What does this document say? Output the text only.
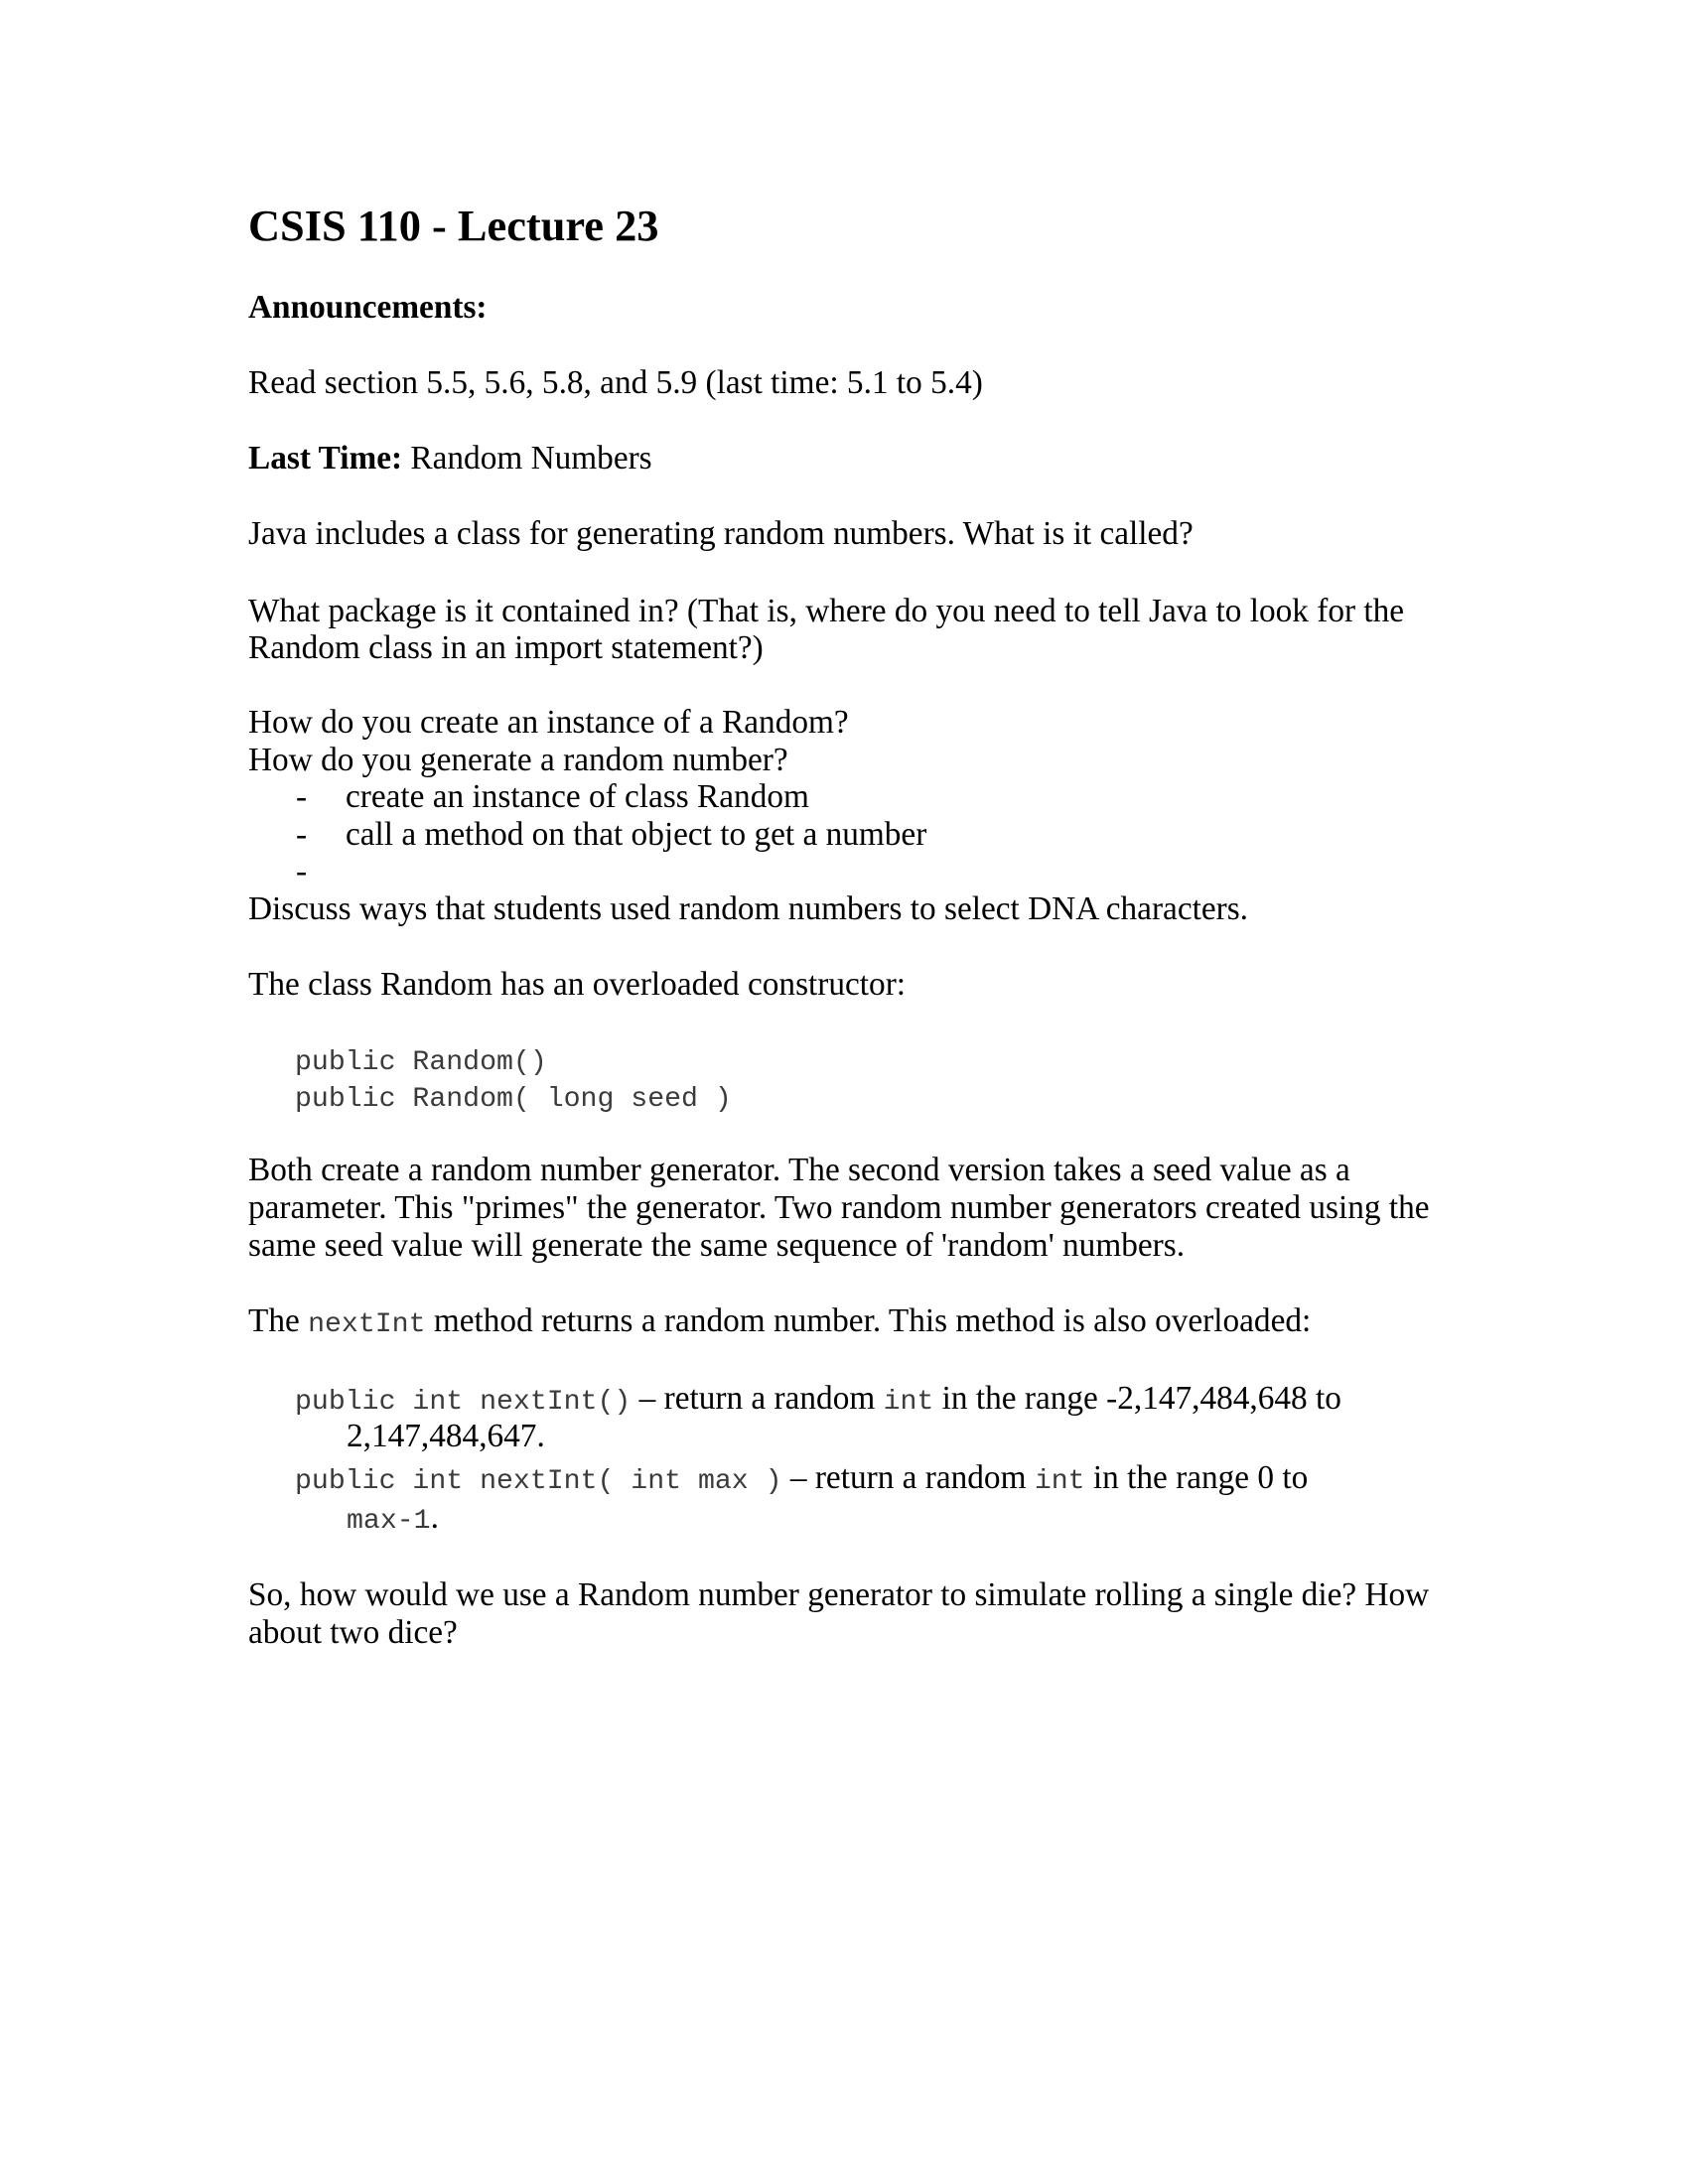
CSIS 110 - Lecture 23
Announcements:
Read section 5.5, 5.6, 5.8, and 5.9 (last time: 5.1 to 5.4)
Last Time: Random Numbers
Java includes a class for generating random numbers. What is it called?
What package is it contained in? (That is, where do you need to tell Java to look for the
Random class in an import statement?)
How do you create an instance of a Random?
How do you generate a random number?
- create an instance of class Random
- call a method on that object to get a number
-
Discuss ways that students used random numbers to select DNA characters.
The class Random has an overloaded constructor:
public Random()
public Random( long seed )
Both create a random number generator. The second version takes a seed value as a
parameter. This "primes" the generator. Two random number generators created using the
same seed value will generate the same sequence of 'random' numbers.
The nextInt method returns a random number. This method is also overloaded:
public int nextInt() – return a random int in the range -2,147,484,648 to
2,147,484,647.
public int nextInt( int max ) – return a random int in the range 0 to
max-1.
So, how would we use a Random number generator to simulate rolling a single die? How
about two dice?
